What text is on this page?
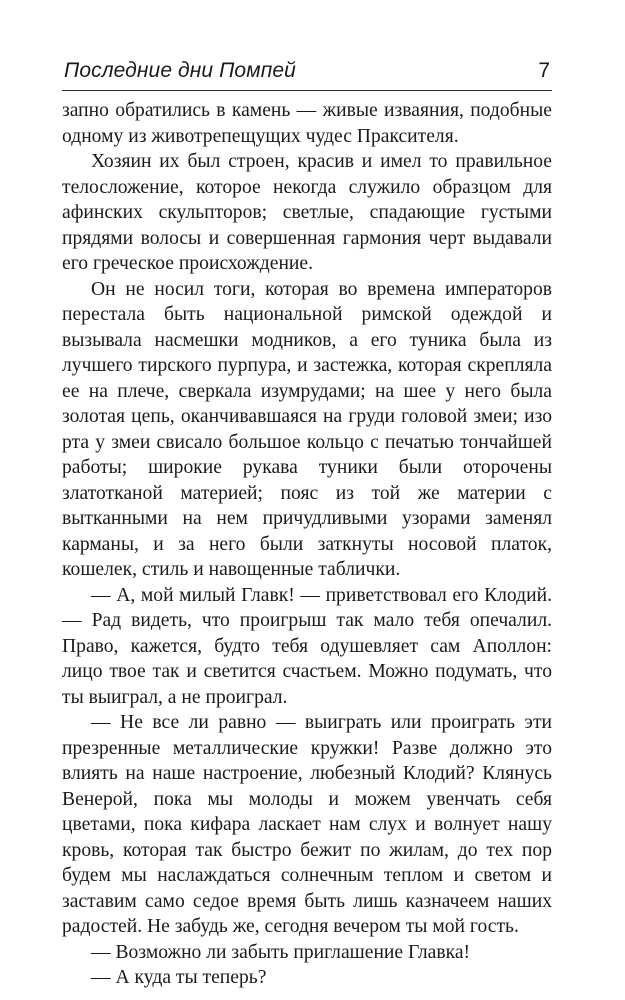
Последние дни Помпей	7

запно обратились в камень — живые изваяния, подобные одному из животрепещущих чудес Праксителя.

Хозяин их был строен, красив и имел то правильное телосложение, которое некогда служило образцом для афинских скульпторов; светлые, спадающие густыми прядями волосы и совершенная гармония черт выдавали его греческое происхождение.

Он не носил тоги, которая во времена императоров перестала быть национальной римской одеждой и вызывала насмешки модников, а его туника была из лучшего тирского пурпура, и застежка, которая скрепляла ее на плече, сверкала изумрудами; на шее у него была золотая цепь, оканчивавшаяся на груди головой змеи; изо рта у змеи свисало большое кольцо с печатью тончайшей работы; широкие рукава туники были оторочены златотканой материей; пояс из той же материи с вытканными на нем причудливыми узорами заменял карманы, и за него были заткнуты носовой платок, кошелек, стиль и навощенные таблички.

— А, мой милый Главк! — приветствовал его Клодий. — Рад видеть, что проигрыш так мало тебя опечалил. Право, кажется, будто тебя одушевляет сам Аполлон: лицо твое так и светится счастьем. Можно подумать, что ты выиграл, а не проиграл.

— Не все ли равно — выиграть или проиграть эти презренные металлические кружки! Разве должно это влиять на наше настроение, любезный Клодий? Клянусь Венерой, пока мы молоды и можем увенчать себя цветами, пока кифара ласкает нам слух и волнует нашу кровь, которая так быстро бежит по жилам, до тех пор будем мы наслаждаться солнечным теплом и светом и заставим само седое время быть лишь казначеем наших радостей. Не забудь же, сегодня вечером ты мой гость.

— Возможно ли забыть приглашение Главка!

— А куда ты теперь?
